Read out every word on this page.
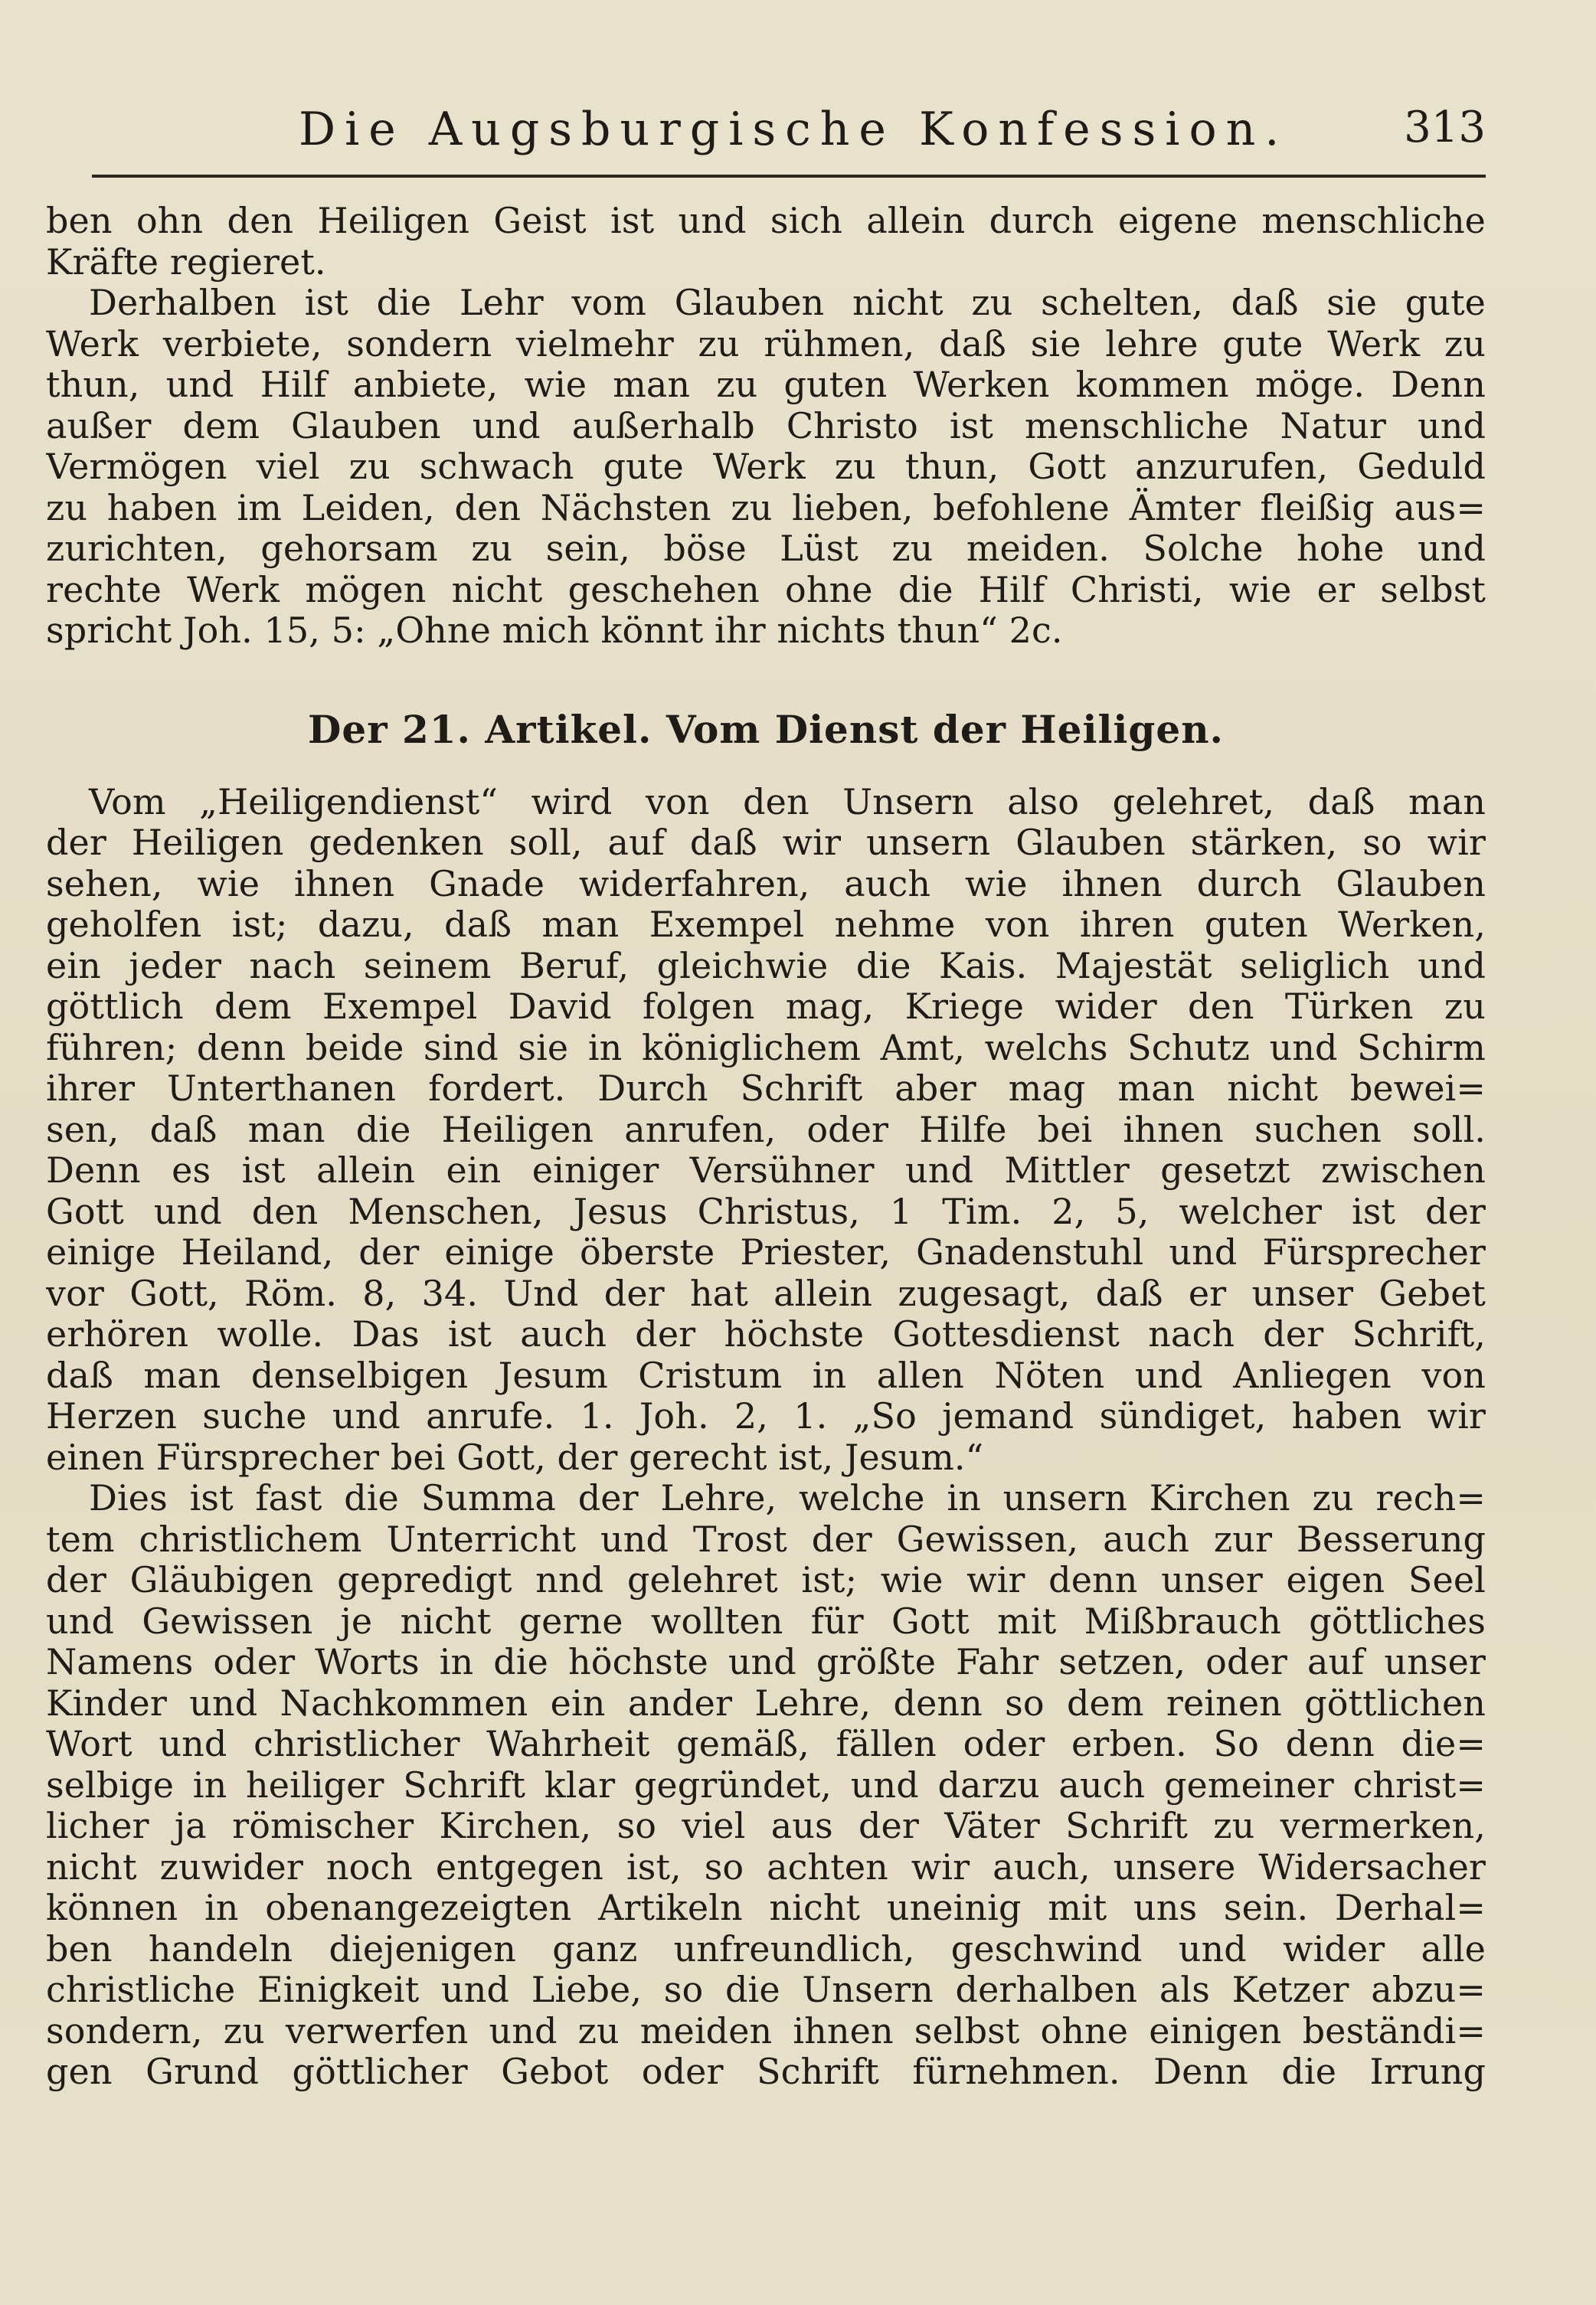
Die Augsburgische Konfession.	313
ben ohn den Heiligen Geist ist und sich allein durch eigene menschliche
Kräfte regieret.
Derhalben ist die Lehr vom Glauben nicht zu schelten, daß sie gute
Werk verbiete, sondern vielmehr zu rühmen, daß sie lehre gute Werk zu
thun, und Hilf anbiete, wie man zu guten Werken kommen möge. Denn
außer dem Glauben und außerhalb Christo ist menschliche Natur und
Vermögen viel zu schwach gute Werk zu thun, Gott anzurufen, Geduld
zu haben im Leiden, den Nächsten zu lieben, befohlene Ämter fleißig aus=
zurichten, gehorsam zu sein, böse Lüst zu meiden. Solche hohe und
rechte Werk mögen nicht geschehen ohne die Hilf Christi, wie er selbst
spricht Joh. 15, 5: „Ohne mich könnt ihr nichts thun“ 2c.
Der 21. Artikel. Vom Dienst der Heiligen.
Vom „Heiligendienst“ wird von den Unsern also gelehret, daß man
der Heiligen gedenken soll, auf daß wir unsern Glauben stärken, so wir
sehen, wie ihnen Gnade widerfahren, auch wie ihnen durch Glauben
geholfen ist; dazu, daß man Exempel nehme von ihren guten Werken,
ein jeder nach seinem Beruf, gleichwie die Kais. Majestät seliglich und
göttlich dem Exempel David folgen mag, Kriege wider den Türken zu
führen; denn beide sind sie in königlichem Amt, welchs Schutz und Schirm
ihrer Unterthanen fordert. Durch Schrift aber mag man nicht bewei=
sen, daß man die Heiligen anrufen, oder Hilfe bei ihnen suchen soll.
Denn es ist allein ein einiger Versühner und Mittler gesetzt zwischen
Gott und den Menschen, Jesus Christus, 1 Tim. 2, 5, welcher ist der
einige Heiland, der einige öberste Priester, Gnadenstuhl und Fürsprecher
vor Gott, Röm. 8, 34. Und der hat allein zugesagt, daß er unser Gebet
erhören wolle. Das ist auch der höchste Gottesdienst nach der Schrift,
daß man denselbigen Jesum Cristum in allen Nöten und Anliegen von
Herzen suche und anrufe. 1. Joh. 2, 1. „So jemand sündiget, haben wir
einen Fürsprecher bei Gott, der gerecht ist, Jesum.“
Dies ist fast die Summa der Lehre, welche in unsern Kirchen zu rech=
tem christlichem Unterricht und Trost der Gewissen, auch zur Besserung
der Gläubigen gepredigt nnd gelehret ist; wie wir denn unser eigen Seel
und Gewissen je nicht gerne wollten für Gott mit Mißbrauch göttliches
Namens oder Worts in die höchste und größte Fahr setzen, oder auf unser
Kinder und Nachkommen ein ander Lehre, denn so dem reinen göttlichen
Wort und christlicher Wahrheit gemäß, fällen oder erben. So denn die=
selbige in heiliger Schrift klar gegründet, und darzu auch gemeiner christ=
licher ja römischer Kirchen, so viel aus der Väter Schrift zu vermerken,
nicht zuwider noch entgegen ist, so achten wir auch, unsere Widersacher
können in obenangezeigten Artikeln nicht uneinig mit uns sein. Derhal=
ben handeln diejenigen ganz unfreundlich, geschwind und wider alle
christliche Einigkeit und Liebe, so die Unsern derhalben als Ketzer abzu=
sondern, zu verwerfen und zu meiden ihnen selbst ohne einigen beständi=
gen Grund göttlicher Gebot oder Schrift fürnehmen. Denn die Irrung
